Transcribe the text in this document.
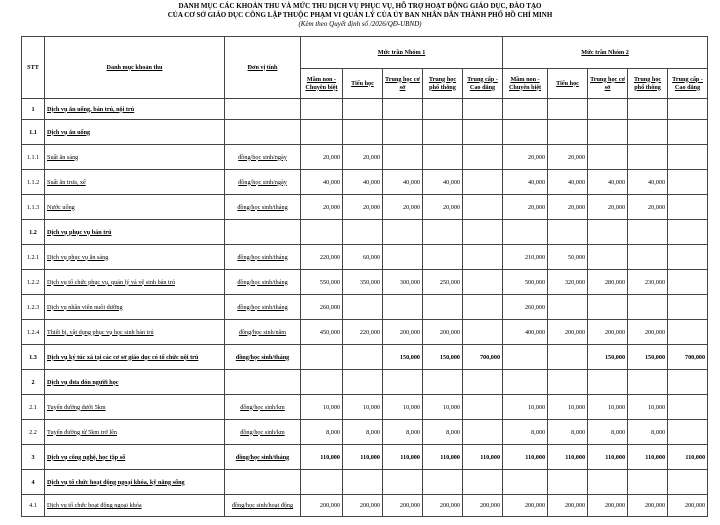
DANH MỤC CÁC KHOẢN THU VÀ MỨC THU DỊCH VỤ PHỤC VỤ, HỖ TRỢ HOẠT ĐỘNG GIÁO DỤC, ĐÀO TẠO
CỦA CƠ SỞ GIÁO DỤC CÔNG LẬP THUỘC PHẠM VI QUẢN LÝ CỦA ỦY BAN NHÂN DÂN THÀNH PHỐ HỒ CHÍ MINH
(Kèm theo Quyết định số /2026/QĐ-UBND)
STT	Danh mục khoản thu	Đơn vị tính	Mức trần Nhóm 1					Mức trần Nhóm 2				
			Mầm non - Chuyên biệt	Tiểu học	Trung học cơ sở	Trung học phổ thông	Trung cấp - Cao đẳng	Mầm non - Chuyên biệt	Tiểu học	Trung học cơ sở	Trung học phổ thông	Trung cấp - Cao đẳng
1	Dịch vụ ăn uống, bán trú, nội trú											
1.1	Dịch vụ ăn uống											
1.1.1	Suất ăn sáng	đồng/học sinh/ngày	20,000	20,000				20,000	20,000			
1.1.2	Suất ăn trưa, xế	đồng/học sinh/ngày	40,000	40,000	40,000	40,000		40,000	40,000	40,000	40,000	
1.1.3	Nước uống	đồng/học sinh/tháng	20,000	20,000	20,000	20,000		20,000	20,000	20,000	20,000	
1.2	Dịch vụ phục vụ bán trú											
1.2.1	Dịch vụ phục vụ ăn sáng	đồng/học sinh/tháng	220,000	60,000				210,000	50,000			
1.2.2	Dịch vụ tổ chức phục vụ, quản lý và vệ sinh bán trú	đồng/học sinh/tháng	550,000	350,000	300,000	250,000		500,000	320,000	280,000	230,000	
1.2.3	Dịch vụ nhân viên nuôi dưỡng	đồng/học sinh/tháng	260,000					260,000				
1.2.4	Thiết bị, vật dụng phục vụ học sinh bán trú	đồng/học sinh/năm	450,000	220,000	200,000	200,000		400,000	200,000	200,000	200,000	
1.3	Dịch vụ ký túc xá tại các cơ sở giáo dục có tổ chức nội trú	đồng/học sinh/tháng			150,000	150,000	700,000			150,000	150,000	700,000
2	Dịch vụ đưa đón người học											
2.1	Tuyến đường dưới 5km	đồng/học sinh/km	10,000	10,000	10,000	10,000		10,000	10,000	10,000	10,000	
2.2	Tuyến đường từ 5km trở lên	đồng/học sinh/km	8,000	8,000	8,000	8,000		8,000	8,000	8,000	8,000	
3	Dịch vụ công nghệ, học tập số	đồng/học sinh/tháng	110,000	110,000	110,000	110,000	110,000	110,000	110,000	110,000	110,000	110,000
4	Dịch vụ tổ chức hoạt động ngoại khóa, kỹ năng sống											
4.1	Dịch vụ tổ chức hoạt động ngoại khóa	đồng/học sinh/hoạt động	200,000	200,000	200,000	200,000	200,000	200,000	200,000	200,000	200,000	200,000
